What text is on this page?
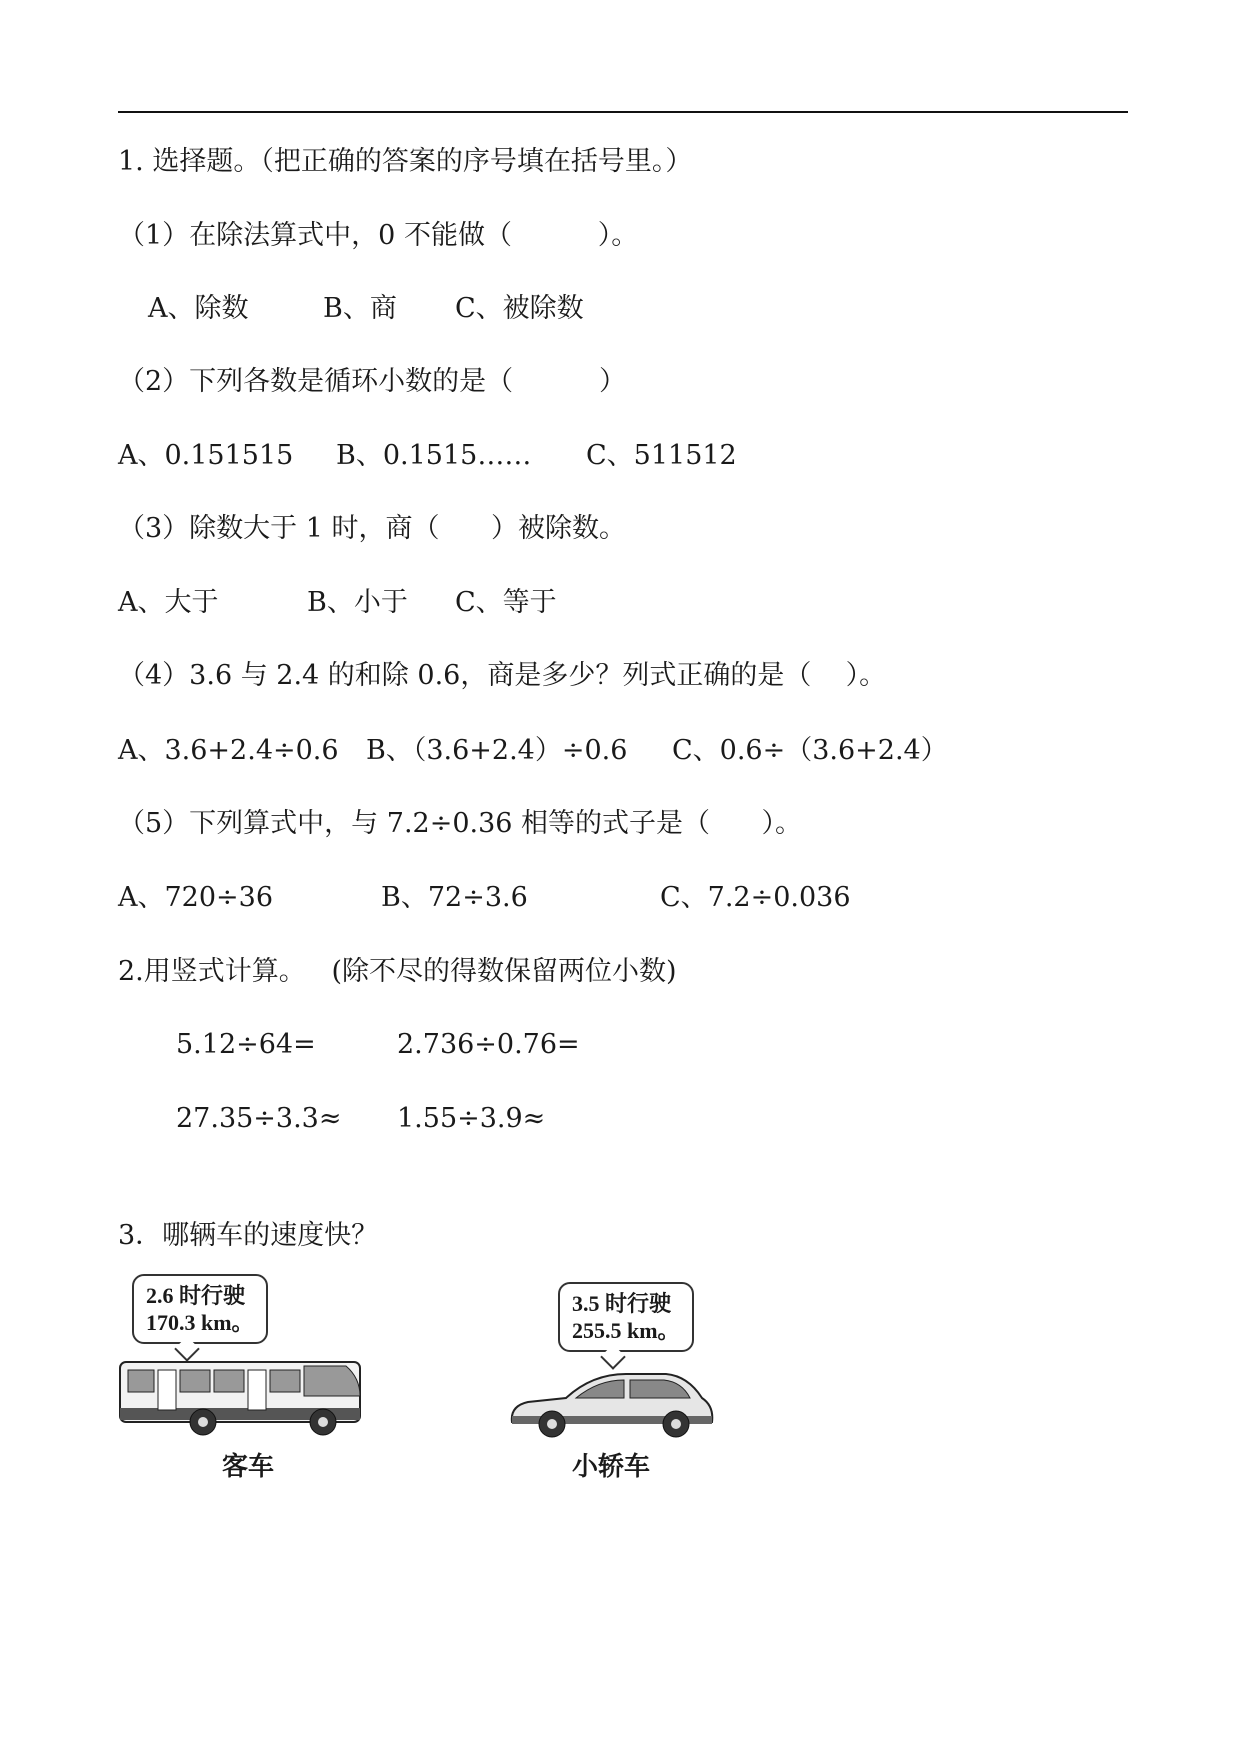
1. 选择题。（把正确的答案的序号填在括号里。）
（1）在除法算式中，0 不能做（          ）。
A、除数	B、商 C、被除数
（2）下列各数是循环小数的是（          ）
A、0.151515 B、0.1515…… C、511512
（3）除数大于 1 时，商（      ）被除数。
A、大于	B、小于 C、等于
（4）3.6 与 2.4 的和除 0.6，商是多少？列式正确的是（    ）。
A、3.6+2.4÷0.6 B、（3.6+2.4）÷0.6 C、0.6÷（3.6+2.4）
（5）下列算式中，与 7.2÷0.36 相等的式子是（      ）。
A、720÷36	B、72÷3.6	C、7.2÷0.036
2.用竖式计算。   (除不尽的得数保留两位小数)
5.12÷64=	2.736÷0.76=
27.35÷3.3≈ 1.55÷3.9≈
3．哪辆车的速度快？
2.6 时行驶
170.3 km。
客车
3.5 时行驶
255.5 km。
小轿车
